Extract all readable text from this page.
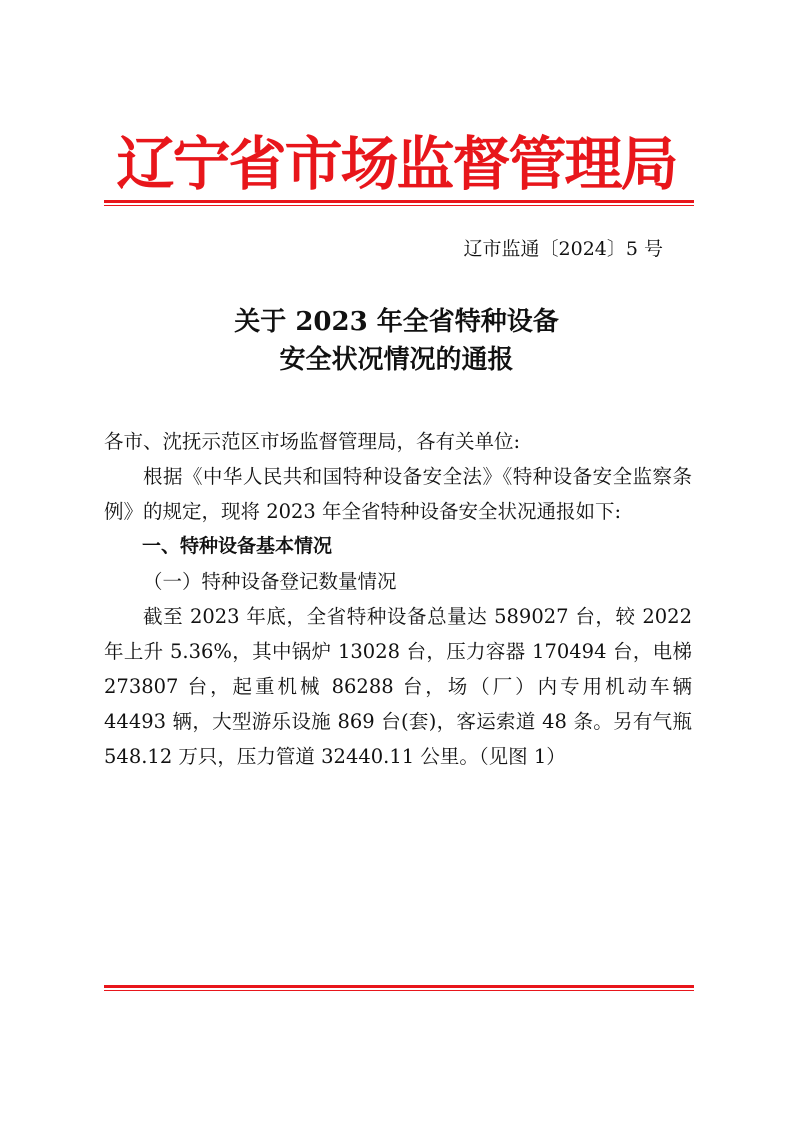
辽宁省市场监督管理局
辽市监通〔2024〕5 号
关于 2023 年全省特种设备
安全状况情况的通报

各市、沈抚示范区市场监督管理局，各有关单位:

根据《中华人民共和国特种设备安全法》《特种设备安全监察条例》的规定，现将 2023 年全省特种设备安全状况通报如下:

一、特种设备基本情况

（一）特种设备登记数量情况

截至 2023 年底，全省特种设备总量达 589027 台，较 2022 年上升 5.36%，其中锅炉 13028 台，压力容器 170494 台，电梯 273807 台，起重机械 86288 台，场（厂）内专用机动车辆 44493 辆，大型游乐设施 869 台(套)，客运索道 48 条。另有气瓶 548.12 万只，压力管道 32440.11 公里。（见图 1）
